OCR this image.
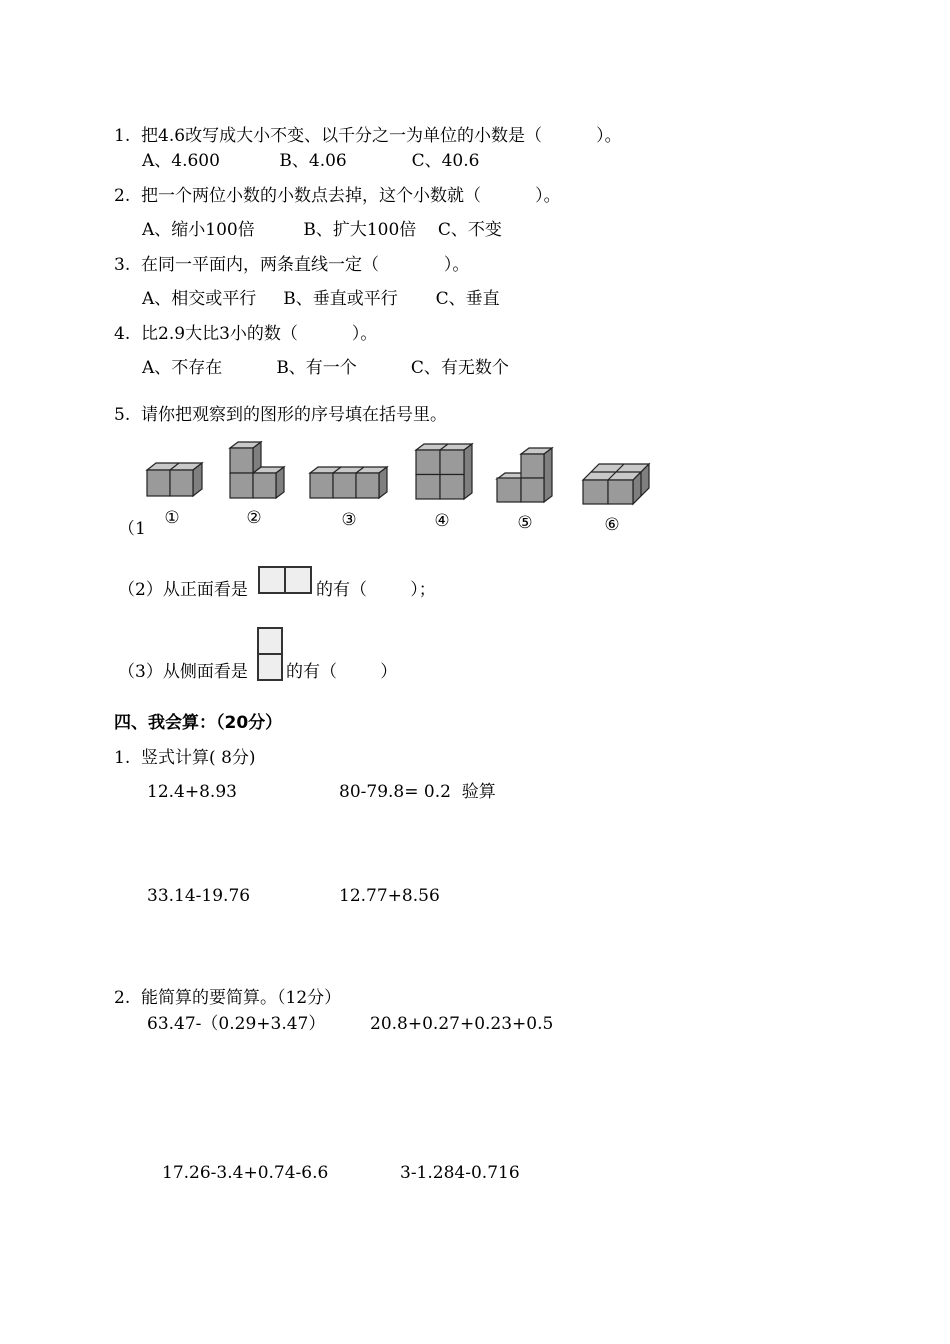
1.  把4.6改写成大小不变、以千分之一为单位的小数是（          ）。
A、4.600           B、4.06            C、40.6
2.  把一个两位小数的小数点去掉，这个小数就（          ）。
A、缩小100倍         B、扩大100倍    C、不变
3.  在同一平面内，两条直线一定（            ）。
A、相交或平行     B、垂直或平行       C、垂直
4.  比2.9大比3小的数（          ）。
A、不存在          B、有一个          C、有无数个
5.  请你把观察到的图形的序号填在括号里。
①	②	③	④	⑤	⑥
（1
（2）从正面看是	的有（        ）；
（3）从侧面看是 的有（        ）
四、我会算：（20分）
1.  竖式计算( 8分)
12.4+8.93	80-79.8= 0.2  验算
33.14-19.76	12.77+8.56
2.  能简算的要简算。（12分）
63.47-（0.29+3.47）	20.8+0.27+0.23+0.5
17.26-3.4+0.74-6.6	3-1.284-0.716
